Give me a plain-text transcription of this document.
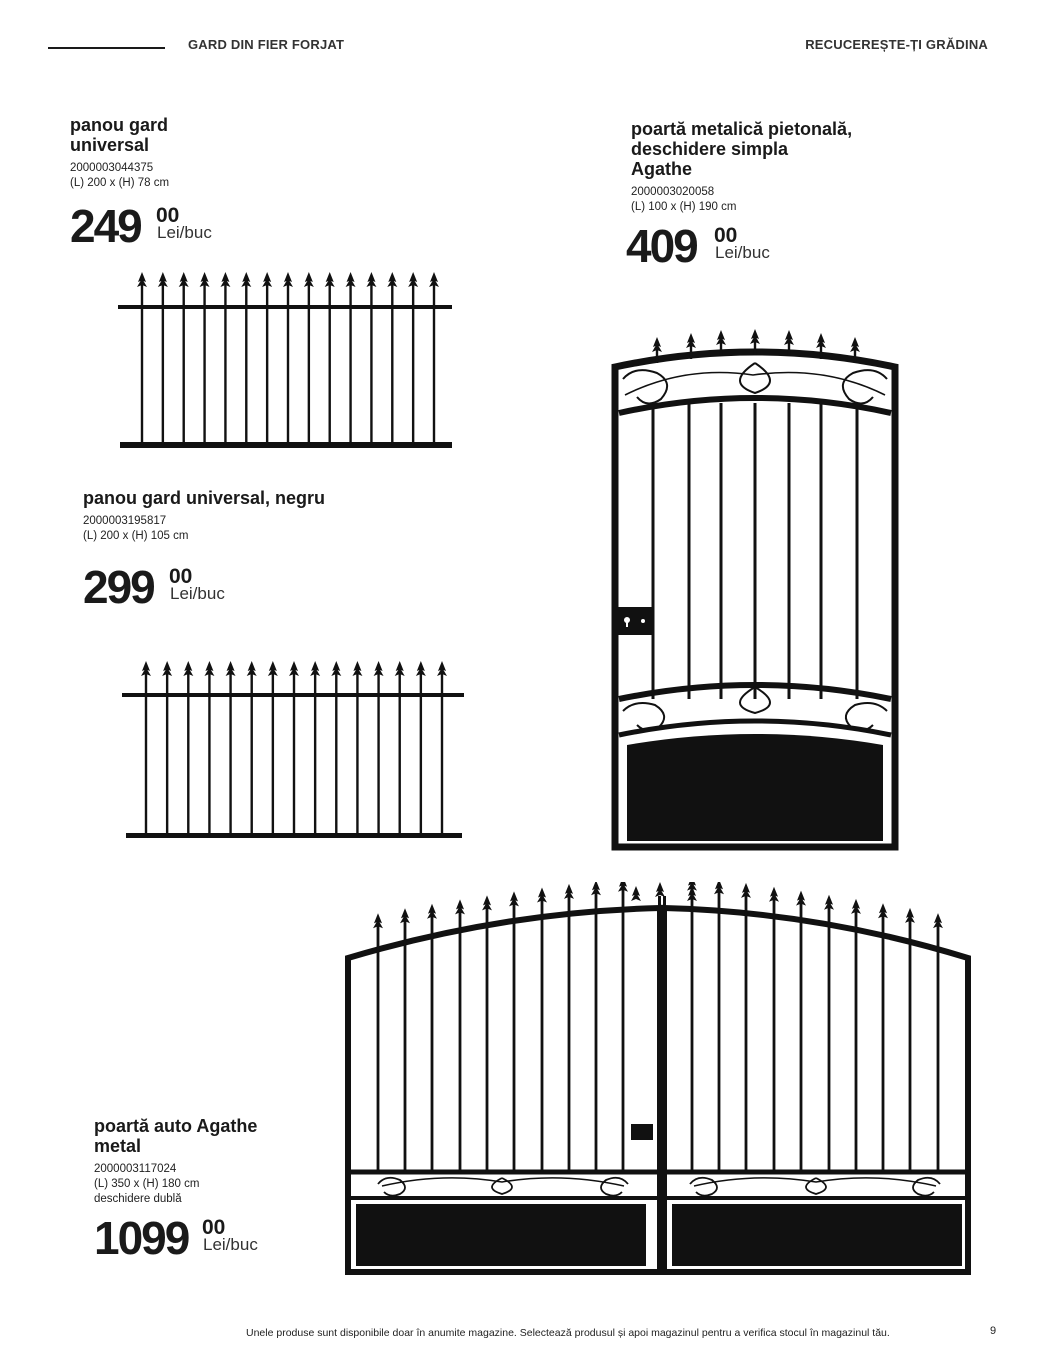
GARD DIN FIER FORJAT	RECUCEREȘTE-ȚI GRĂDINA

panou gard
universal

2000003044375
(L) 200 x (H) 78 cm
249 00
Lei/buc

poartă metalică pietonală,
deschidere simpla
Agathe

2000003020058
(L) 100 x (H) 190 cm
409 00
Lei/buc

panou gard universal, negru

2000003195817
(L) 200 x (H) 105 cm
299 00
Lei/buc

poartă auto Agathe
metal

2000003117024
(L) 350 x (H) 180 cm
deschidere dublă
1099 00
Lei/buc
Unele produse sunt disponibile doar în anumite magazine. Selectează produsul și apoi magazinul pentru a verifica stocul în magazinul tău.	9
